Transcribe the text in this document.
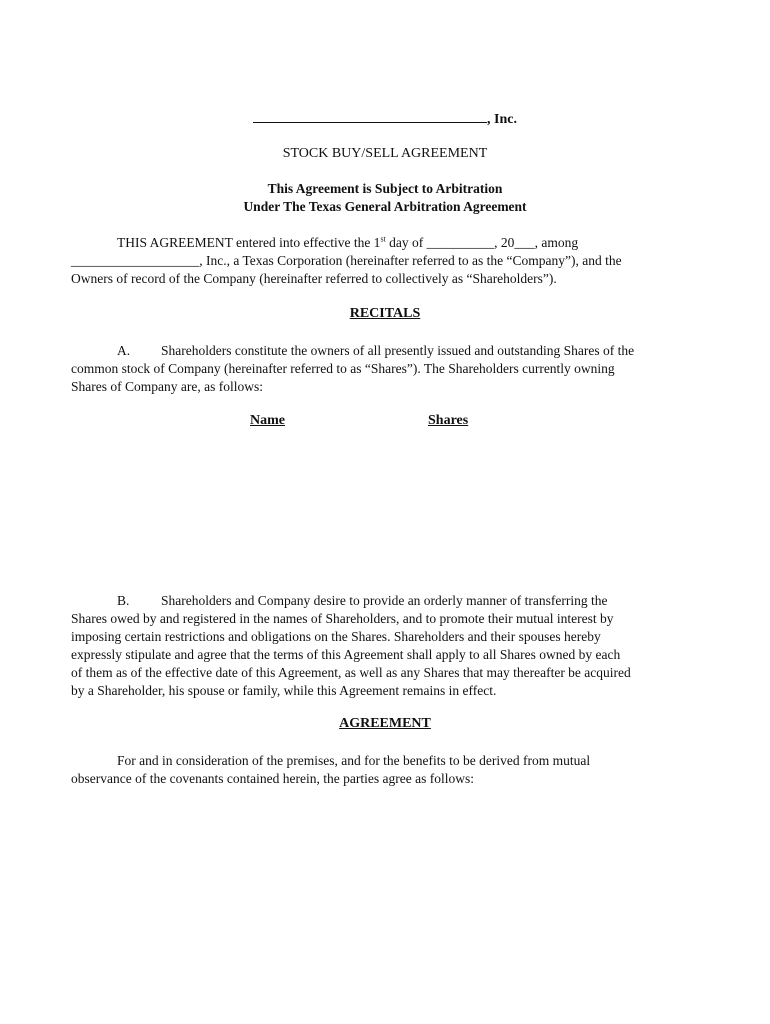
, Inc.
STOCK BUY/SELL AGREEMENT
This Agreement is Subject to Arbitration
Under The Texas General Arbitration Agreement
THIS AGREEMENT entered into effective the 1st day of __________, 20___, among
___________________, Inc., a Texas Corporation (hereinafter referred to as the “Company”), and the
Owners of record of the Company (hereinafter referred to collectively as “Shareholders”).
RECITALS
A. Shareholders constitute the owners of all presently issued and outstanding Shares of the
common stock of Company (hereinafter referred to as “Shares”). The Shareholders currently owning
Shares of Company are, as follows:
Name	Shares
B. Shareholders and Company desire to provide an orderly manner of transferring the
Shares owed by and registered in the names of Shareholders, and to promote their mutual interest by
imposing certain restrictions and obligations on the Shares. Shareholders and their spouses hereby
expressly stipulate and agree that the terms of this Agreement shall apply to all Shares owned by each
of them as of the effective date of this Agreement, as well as any Shares that may thereafter be acquired
by a Shareholder, his spouse or family, while this Agreement remains in effect.
AGREEMENT
For and in consideration of the premises, and for the benefits to be derived from mutual
observance of the covenants contained herein, the parties agree as follows:
